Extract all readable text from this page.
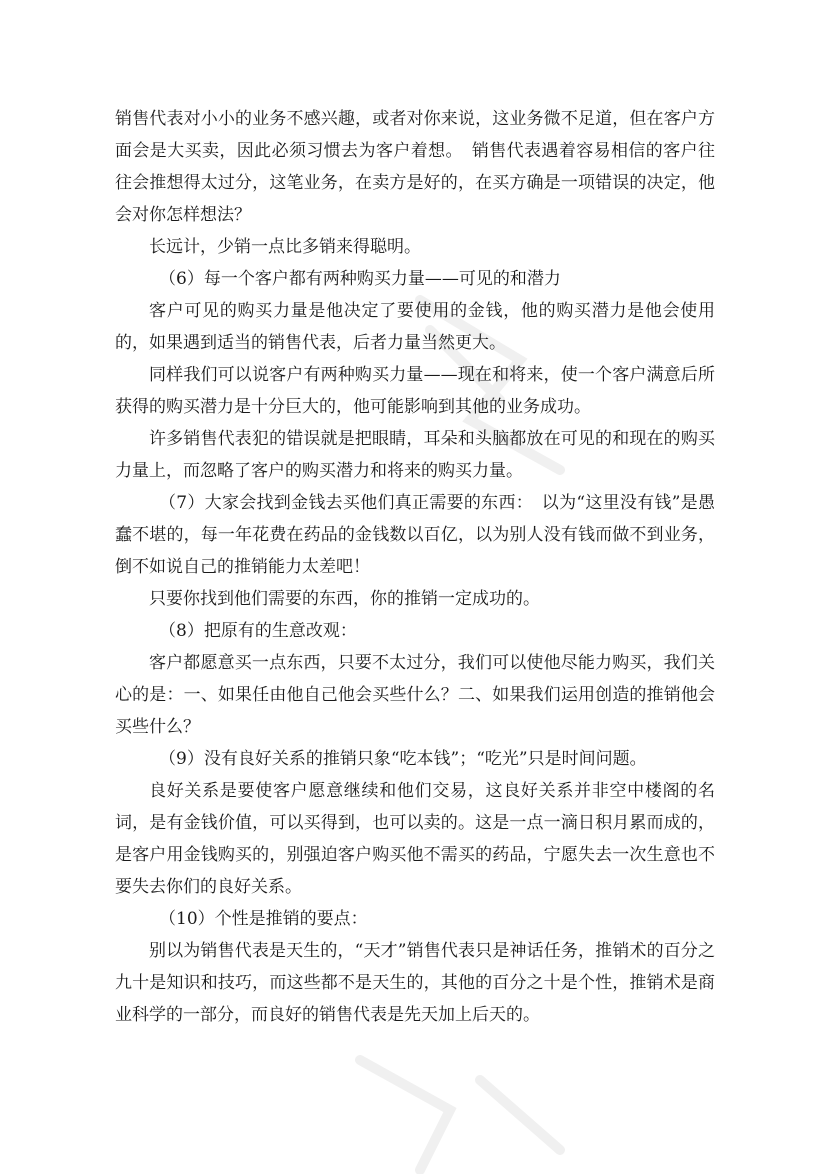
销售代表对小小的业务不感兴趣，或者对你来说，这业务微不足道，但在客户方面会是大买卖，因此必须习惯去为客户着想。　销售代表遇着容易相信的客户往往会推想得太过分，这笔业务，在卖方是好的，在买方确是一项错误的决定，他会对你怎样想法？

长远计，少销一点比多销来得聪明。

（6）每一个客户都有两种购买力量——可见的和潜力

客户可见的购买力量是他决定了要使用的金钱，他的购买潜力是他会使用的，如果遇到适当的销售代表，后者力量当然更大。

同样我们可以说客户有两种购买力量——现在和将来，使一个客户满意后所获得的购买潜力是十分巨大的，他可能影响到其他的业务成功。

许多销售代表犯的错误就是把眼睛，耳朵和头脑都放在可见的和现在的购买力量上，而忽略了客户的购买潜力和将来的购买力量。

（7）大家会找到金钱去买他们真正需要的东西：　以为“这里没有钱”是愚蠢不堪的，每一年花费在药品的金钱数以百亿，以为别人没有钱而做不到业务，倒不如说自己的推销能力太差吧！

只要你找到他们需要的东西，你的推销一定成功的。

（8）把原有的生意改观：

客户都愿意买一点东西，只要不太过分，我们可以使他尽能力购买，我们关心的是：一、如果任由他自己他会买些什么？二、如果我们运用创造的推销他会买些什么？

（9）没有良好关系的推销只象“吃本钱”；“吃光”只是时间问题。

良好关系是要使客户愿意继续和他们交易，这良好关系并非空中楼阁的名词，是有金钱价值，可以买得到，也可以卖的。这是一点一滴日积月累而成的，是客户用金钱购买的，别强迫客户购买他不需买的药品，宁愿失去一次生意也不要失去你们的良好关系。

（10）个性是推销的要点：

别以为销售代表是天生的，“天才”销售代表只是神话任务，推销术的百分之九十是知识和技巧，而这些都不是天生的，其他的百分之十是个性，推销术是商业科学的一部分，而良好的销售代表是先天加上后天的。
